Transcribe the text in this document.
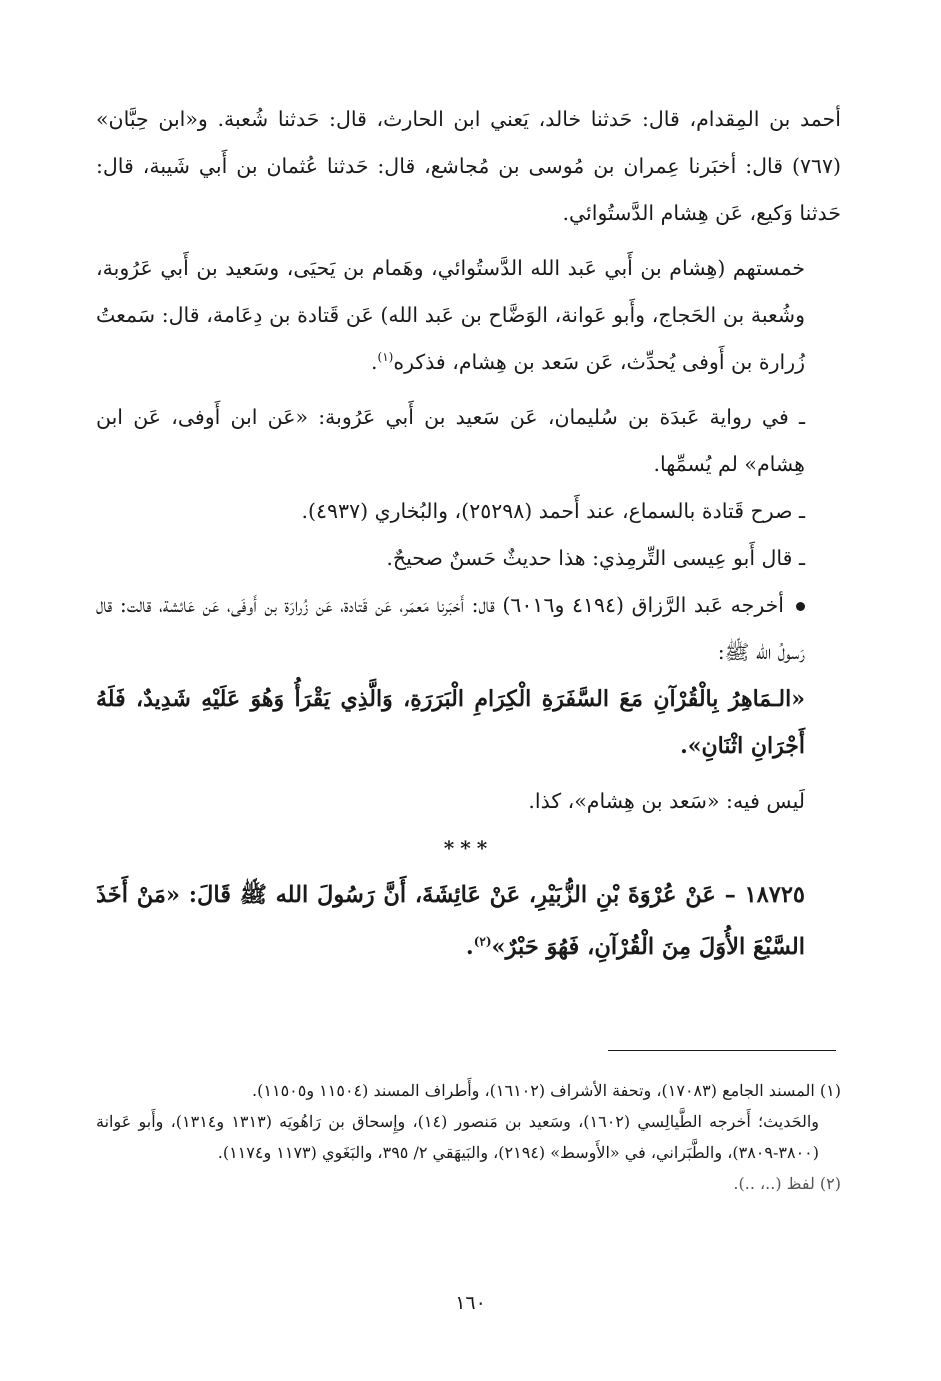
أحمد بن المِقدام، قال: حَدثنا خالد، يَعني ابن الحارث، قال: حَدثنا شُعبة. و«ابن حِبَّان» (٧٦٧) قال: أخبَرنا عِمران بن مُوسى بن مُجاشع، قال: حَدثنا عُثمان بن أَبي شَيبة، قال: حَدثنا وَكيع، عَن هِشام الدَّستُوائي.

خمستهم (هِشام بن أَبي عَبد الله الدَّستُوائي، وهَمام بن يَحيَى، وسَعيد بن أَبي عَرُوبة، وشُعبة بن الحَجاج، وأَبو عَوانة، الوَضَّاح بن عَبد الله) عَن قَتادة بن دِعَامة، قال: سَمعتُ زُرارة بن أَوفى يُحدِّث، عَن سَعد بن هِشام، فذكره$^{(١)}$.

ـ في رواية عَبدَة بن سُليمان، عَن سَعيد بن أَبي عَرُوبة: «عَن ابن أَوفى، عَن ابن هِشام» لم يُسمِّها.

ـ صرح قَتادة بالسماع، عند أَحمد (٢٥٢٩٨)، والبُخاري (٤٩٣٧).

ـ قال أَبو عِيسى التِّرمِذي: هذا حديثٌ حَسنٌ صحيحٌ.

أخرجه عَبد الرَّزاق (٤١٩٤ و٦٠١٦) قال: أَخبَرنا مَعمَر، عَن قَتادة، عَن زُرارَة بن أَوفَى، عَن عَائشة، قالت: قال رَسولُ الله ﷺ:

«الـمَاهِرُ بِالْقُرْآنِ مَعَ السَّفَرَةِ الْكِرَامِ الْبَرَرَةِ، وَالَّذِي يَقْرَأُ وَهُوَ عَلَيْهِ شَدِيدٌ، فَلَهُ أَجْرَانِ اثْنَانِ».

لَيس فيه: «سَعد بن هِشام»، كذا.

***

١٨٧٢٥ – عَنْ عُرْوَةَ بْنِ الزُّبَيْرِ، عَنْ عَائِشَةَ، أَنَّ رَسُولَ الله ﷺ قَالَ: «مَنْ أَخَذَ السَّبْعَ الأُوَلَ مِنَ الْقُرْآنِ، فَهُوَ حَبْرٌ»$^{(٢)}$.

(١) المسند الجامع (١٧٠٨٣)، وتحفة الأشراف (١٦١٠٢)، وأَطراف المسند (١١٥٠٤ و١١٥٠٥).

والحَديث؛ أَخرجه الطَّيالِسي (١٦٠٢)، وسَعيد بن مَنصور (١٤)، وإِسحاق بن رَاهُويَه (١٣١٣ و١٣١٤)، وأَبو عَوانة (٣٨٠٠-٣٨٠٩)، والطَّبَراني، في «الأَوسط» (٢١٩٤)، والبَيهَقي ٢/ ٣٩٥، والبَغَوي (١١٧٣ و١١٧٤).

(٢) لفظ (..، ..).

١٦٠
